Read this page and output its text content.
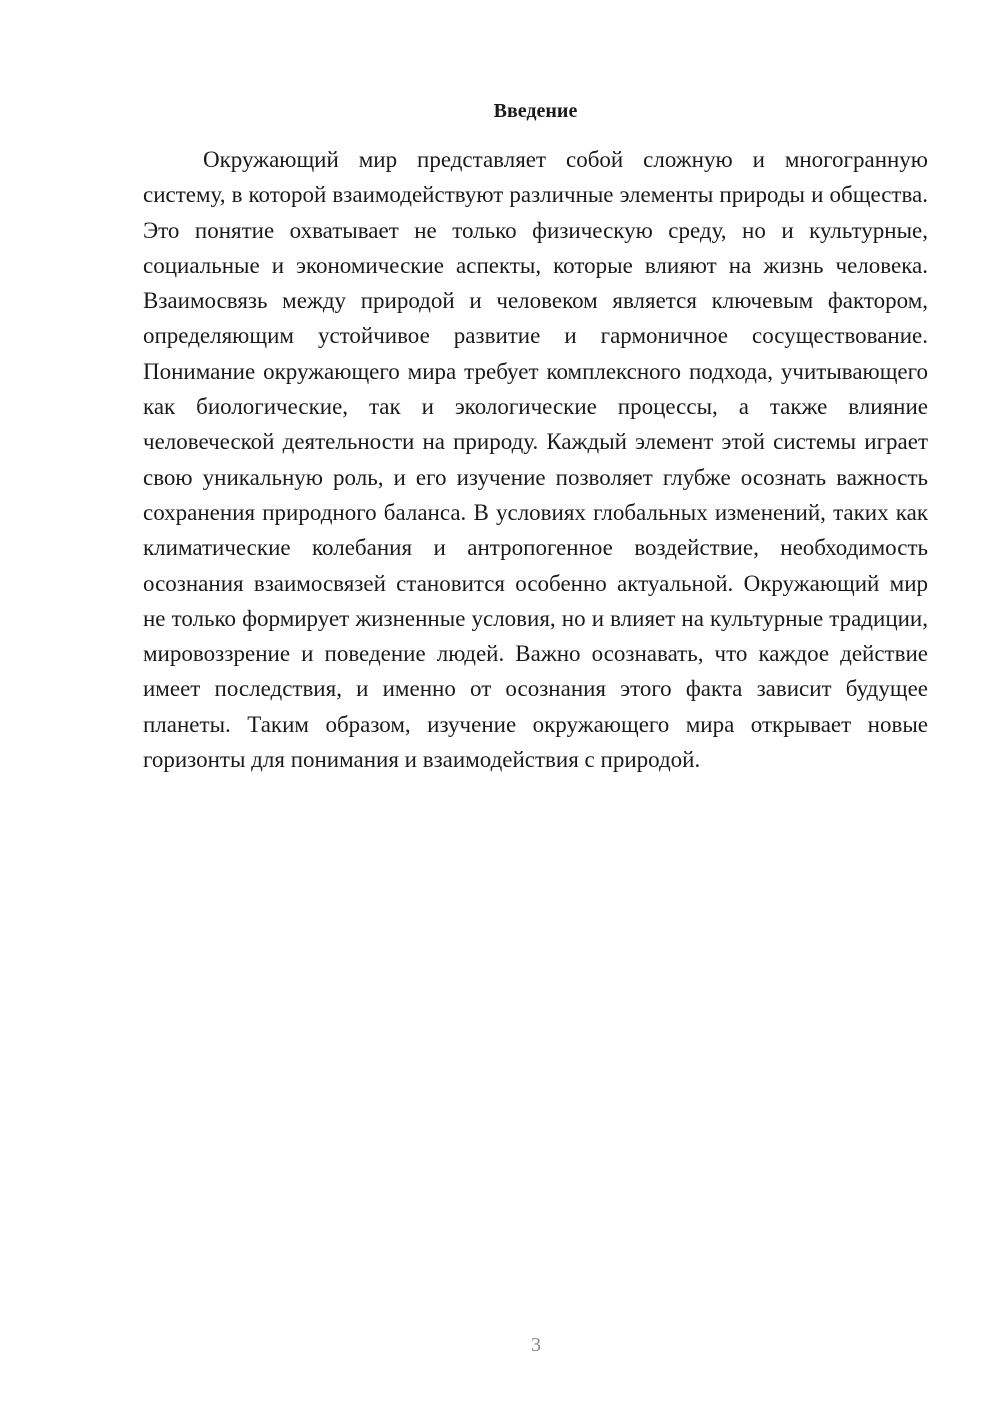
Введение

Окружающий мир представляет собой сложную и многогранную систему, в которой взаимодействуют различные элементы природы и общества. Это понятие охватывает не только физическую среду, но и культурные, социальные и экономические аспекты, которые влияют на жизнь человека. Взаимосвязь между природой и человеком является ключевым фактором, определяющим устойчивое развитие и гармоничное сосуществование. Понимание окружающего мира требует комплексного подхода, учитывающего как биологические, так и экологические процессы, а также влияние человеческой деятельности на природу. Каждый элемент этой системы играет свою уникальную роль, и его изучение позволяет глубже осознать важность сохранения природного баланса. В условиях глобальных изменений, таких как климатические колебания и антропогенное воздействие, необходимость осознания взаимосвязей становится особенно актуальной. Окружающий мир не только формирует жизненные условия, но и влияет на культурные традиции, мировоззрение и поведение людей. Важно осознавать, что каждое действие имеет последствия, и именно от осознания этого факта зависит будущее планеты. Таким образом, изучение окружающего мира открывает новые горизонты для понимания и взаимодействия с природой.

3
